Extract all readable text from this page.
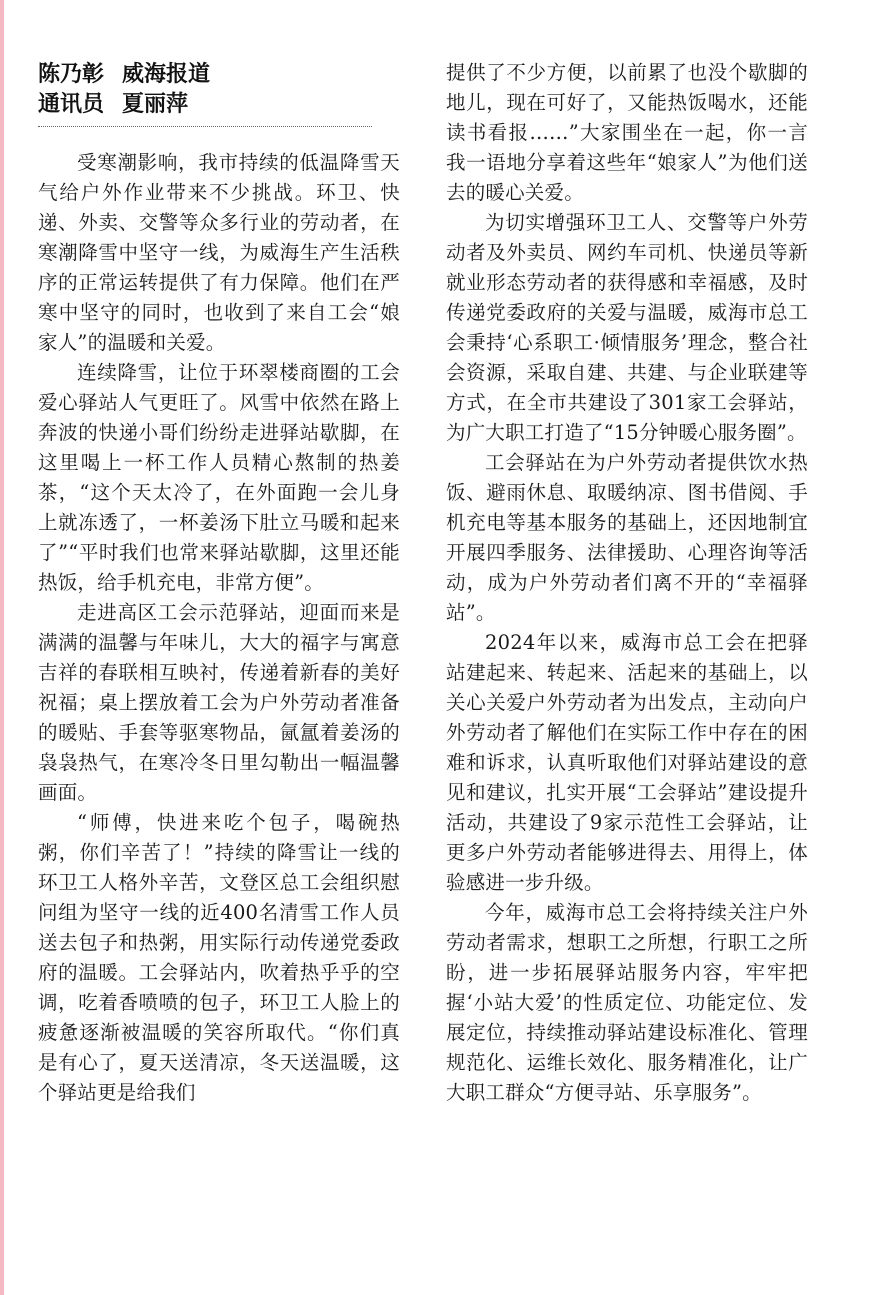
陈乃彰 威海报道
通讯员 夏丽萍

受寒潮影响，我市持续的低温降雪天气给户外作业带来不少挑战。环卫、快递、外卖、交警等众多行业的劳动者，在寒潮降雪中坚守一线，为威海生产生活秩序的正常运转提供了有力保障。他们在严寒中坚守的同时，也收到了来自工会“娘家人”的温暖和关爱。

连续降雪，让位于环翠楼商圈的工会爱心驿站人气更旺了。风雪中依然在路上奔波的快递小哥们纷纷走进驿站歇脚，在这里喝上一杯工作人员精心熬制的热姜茶，“这个天太冷了，在外面跑一会儿身上就冻透了，一杯姜汤下肚立马暖和起来了”“平时我们也常来驿站歇脚，这里还能热饭，给手机充电，非常方便”。

走进高区工会示范驿站，迎面而来是满满的温馨与年味儿，大大的福字与寓意吉祥的春联相互映衬，传递着新春的美好祝福；桌上摆放着工会为户外劳动者准备的暖贴、手套等驱寒物品，氤氲着姜汤的袅袅热气，在寒冷冬日里勾勒出一幅温馨画面。

“师傅，快进来吃个包子，喝碗热粥，你们辛苦了！”持续的降雪让一线的环卫工人格外辛苦，文登区总工会组织慰问组为坚守一线的近400名清雪工作人员送去包子和热粥，用实际行动传递党委政府的温暖。工会驿站内，吹着热乎乎的空调，吃着香喷喷的包子，环卫工人脸上的疲惫逐渐被温暖的笑容所取代。“你们真是有心了，夏天送清凉，冬天送温暖，这个驿站更是给我们

提供了不少方便，以前累了也没个歇脚的地儿，现在可好了，又能热饭喝水，还能读书看报……”大家围坐在一起，你一言我一语地分享着这些年“娘家人”为他们送去的暖心关爱。

为切实增强环卫工人、交警等户外劳动者及外卖员、网约车司机、快递员等新就业形态劳动者的获得感和幸福感，及时传递党委政府的关爱与温暖，威海市总工会秉持‘心系职工·倾情服务’理念，整合社会资源，采取自建、共建、与企业联建等方式，在全市共建设了301家工会驿站，为广大职工打造了“15分钟暖心服务圈”。

工会驿站在为户外劳动者提供饮水热饭、避雨休息、取暖纳凉、图书借阅、手机充电等基本服务的基础上，还因地制宜开展四季服务、法律援助、心理咨询等活动，成为户外劳动者们离不开的“幸福驿站”。

2024年以来，威海市总工会在把驿站建起来、转起来、活起来的基础上，以关心关爱户外劳动者为出发点，主动向户外劳动者了解他们在实际工作中存在的困难和诉求，认真听取他们对驿站建设的意见和建议，扎实开展“工会驿站”建设提升活动，共建设了9家示范性工会驿站，让更多户外劳动者能够进得去、用得上，体验感进一步升级。

今年，威海市总工会将持续关注户外劳动者需求，想职工之所想，行职工之所盼，进一步拓展驿站服务内容，牢牢把握‘小站大爱’的性质定位、功能定位、发展定位，持续推动驿站建设标准化、管理规范化、运维长效化、服务精准化，让广大职工群众“方便寻站、乐享服务”。
